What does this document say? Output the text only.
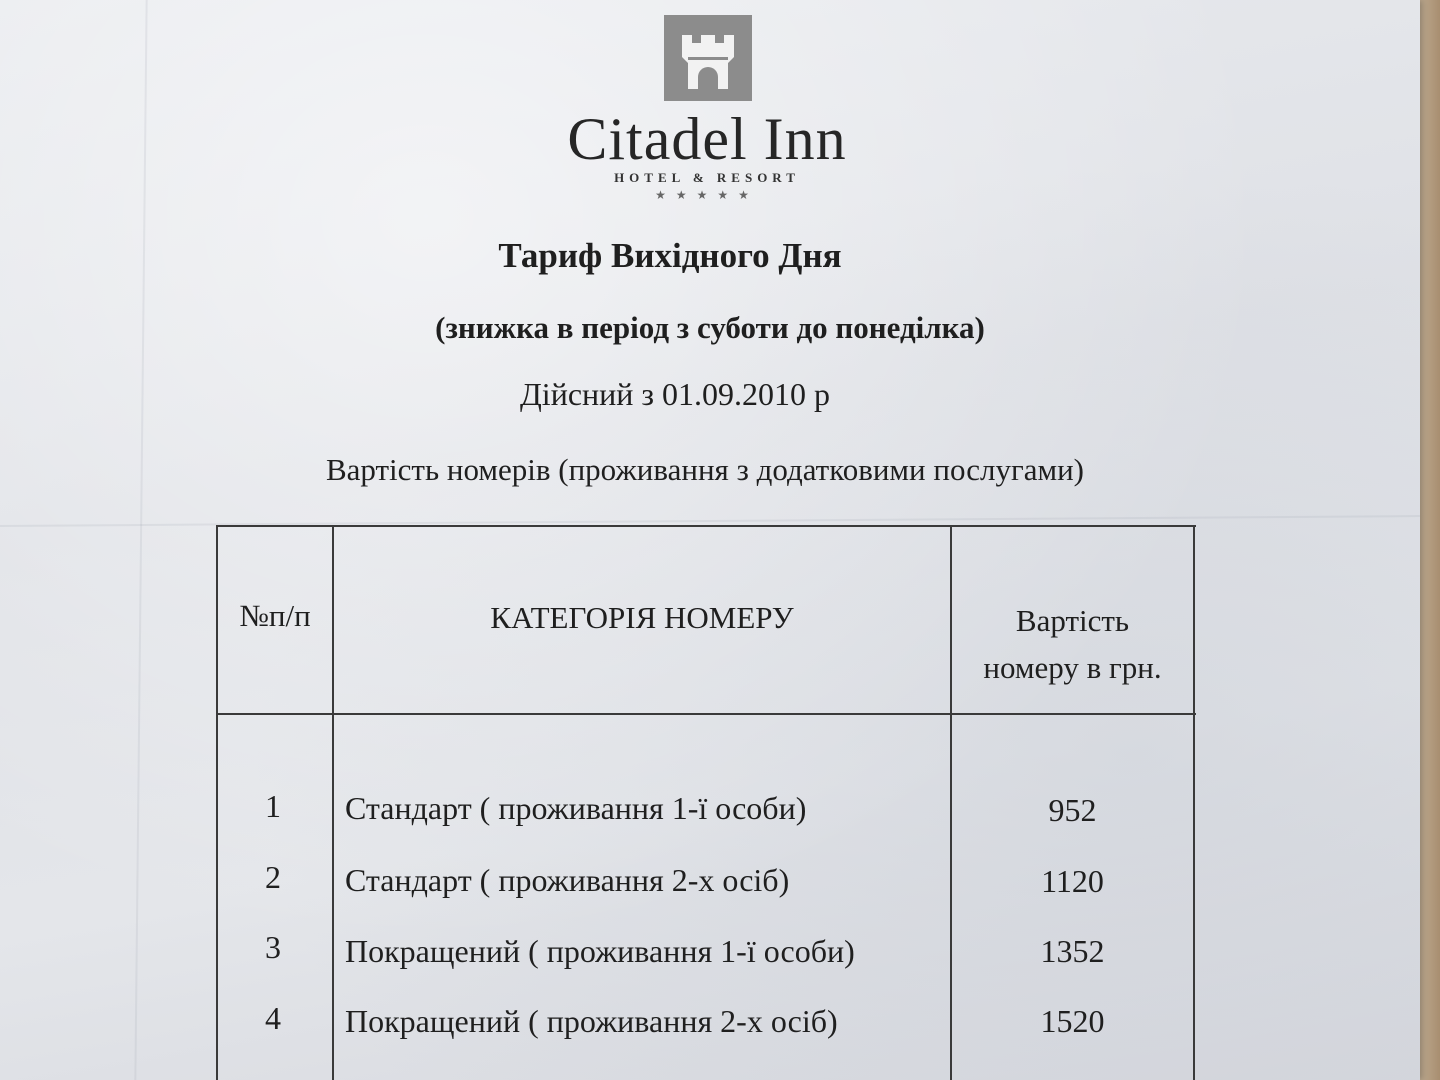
Citadel Inn
HOTEL & RESORT
★★★★★
Тариф Вихідного Дня
(знижка в період з суботи до понеділка)
Дійсний з 01.09.2010 р
Вартість номерів (проживання з додатковими послугами)
№п/п	КАТЕГОРІЯ НОМЕРУ	Вартість
номеру в грн.
1	Стандарт ( проживання 1-ї особи)	952
2	Стандарт ( проживання 2-х осіб)	1120
3	Покращений ( проживання 1-ї особи)	1352
4	Покращений ( проживання 2-х осіб)	1520
